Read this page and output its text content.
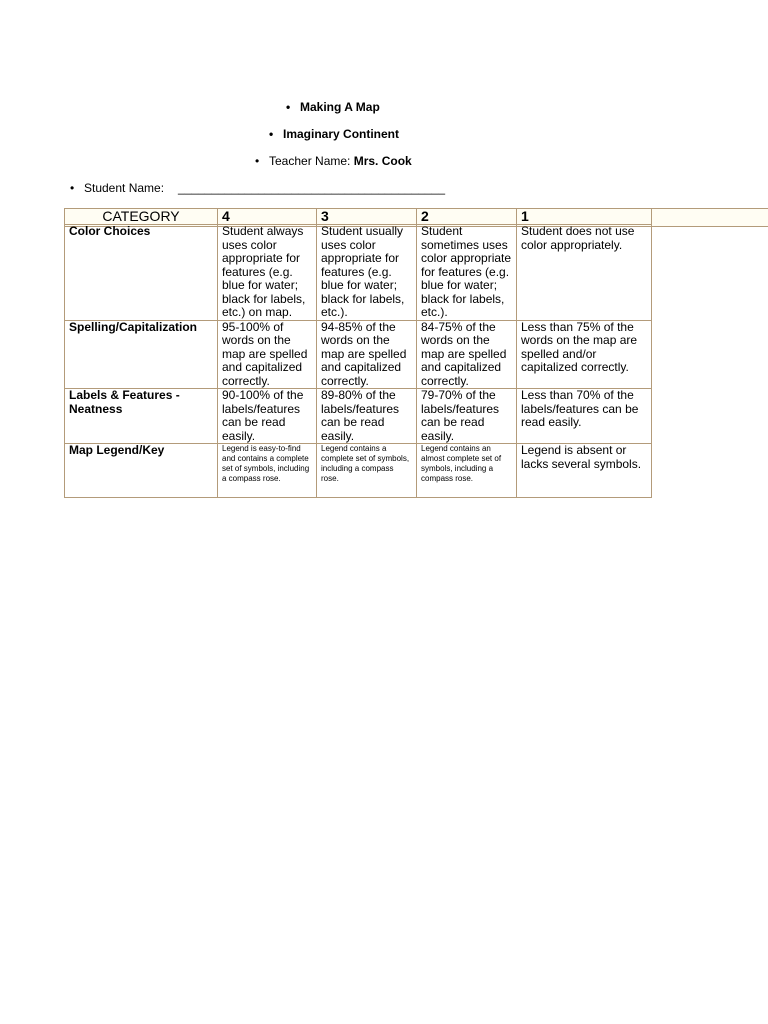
• Making A Map
• Imaginary Continent
• Teacher Name: Mrs. Cook
• Student Name: ________________________________________
CATEGORY	4	3	2	1
Color Choices	Student always uses color appropriate for features (e.g. blue for water; black for labels, etc.) on map.	Student usually uses color appropriate for features (e.g. blue for water; black for labels, etc.).	Student sometimes uses color appropriate for features (e.g. blue for water; black for labels, etc.).	Student does not use color appropriately.
Spelling/Capitalization	95-100% of words on the map are spelled and capitalized correctly.	94-85% of the words on the map are spelled and capitalized correctly.	84-75% of the words on the map are spelled and capitalized correctly.	Less than 75% of the words on the map are spelled and/or capitalized correctly.
Labels & Features - Neatness	90-100% of the labels/features can be read easily.	89-80% of the labels/features can be read easily.	79-70% of the labels/features can be read easily.	Less than 70% of the labels/features can be read easily.
Map Legend/Key	Legend is easy-to-find and contains a complete set of symbols, including a compass rose.	Legend contains a complete set of symbols, including a compass rose.	Legend contains an almost complete set of symbols, including a compass rose.	Legend is absent or lacks several symbols.
